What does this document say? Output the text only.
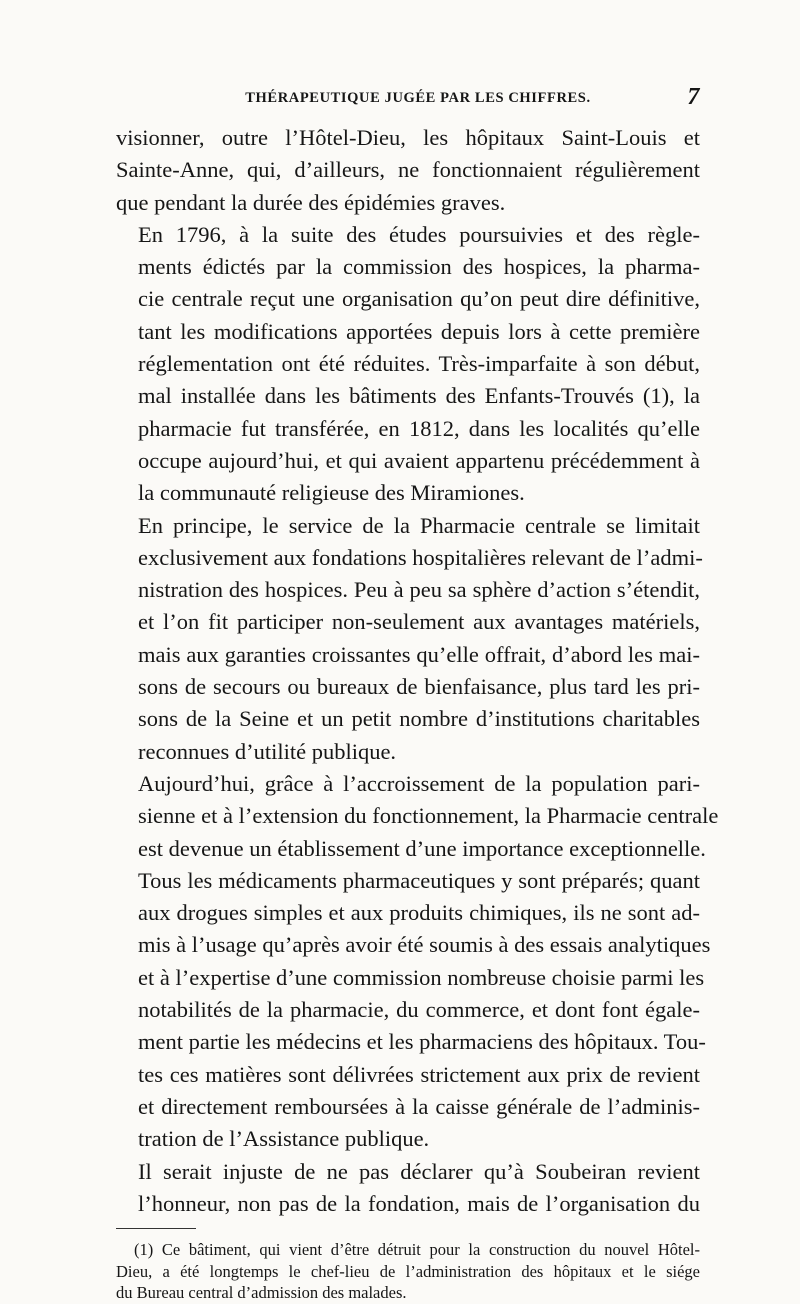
THÉRAPEUTIQUE JUGÉE PAR LES CHIFFRES.	7

visionner, outre l’Hôtel-Dieu, les hôpitaux Saint-Louis et
Sainte-Anne, qui, d’ailleurs, ne fonctionnaient régulièrement
que pendant la durée des épidémies graves.

En 1796, à la suite des études poursuivies et des règle-
ments édictés par la commission des hospices, la pharma-
cie centrale reçut une organisation qu’on peut dire définitive,
tant les modifications apportées depuis lors à cette première
réglementation ont été réduites. Très-imparfaite à son début,
mal installée dans les bâtiments des Enfants-Trouvés (1), la
pharmacie fut transférée, en 1812, dans les localités qu’elle
occupe aujourd’hui, et qui avaient appartenu précédemment à
la communauté religieuse des Miramiones.

En principe, le service de la Pharmacie centrale se limitait
exclusivement aux fondations hospitalières relevant de l’admi-
nistration des hospices. Peu à peu sa sphère d’action s’étendit,
et l’on fit participer non-seulement aux avantages matériels,
mais aux garanties croissantes qu’elle offrait, d’abord les mai-
sons de secours ou bureaux de bienfaisance, plus tard les pri-
sons de la Seine et un petit nombre d’institutions charitables
reconnues d’utilité publique.

Aujourd’hui, grâce à l’accroissement de la population pari-
sienne et à l’extension du fonctionnement, la Pharmacie centrale
est devenue un établissement d’une importance exceptionnelle.
Tous les médicaments pharmaceutiques y sont préparés; quant
aux drogues simples et aux produits chimiques, ils ne sont ad-
mis à l’usage qu’après avoir été soumis à des essais analytiques
et à l’expertise d’une commission nombreuse choisie parmi les
notabilités de la pharmacie, du commerce, et dont font égale-
ment partie les médecins et les pharmaciens des hôpitaux. Tou-
tes ces matières sont délivrées strictement aux prix de revient
et directement remboursées à la caisse générale de l’adminis-
tration de l’Assistance publique.

Il serait injuste de ne pas déclarer qu’à Soubeiran revient
l’honneur, non pas de la fondation, mais de l’organisation du

(1) Ce bâtiment, qui vient d’être détruit pour la construction du nouvel Hôtel-
Dieu, a été longtemps le chef-lieu de l’administration des hôpitaux et le siége
du Bureau central d’admission des malades.
